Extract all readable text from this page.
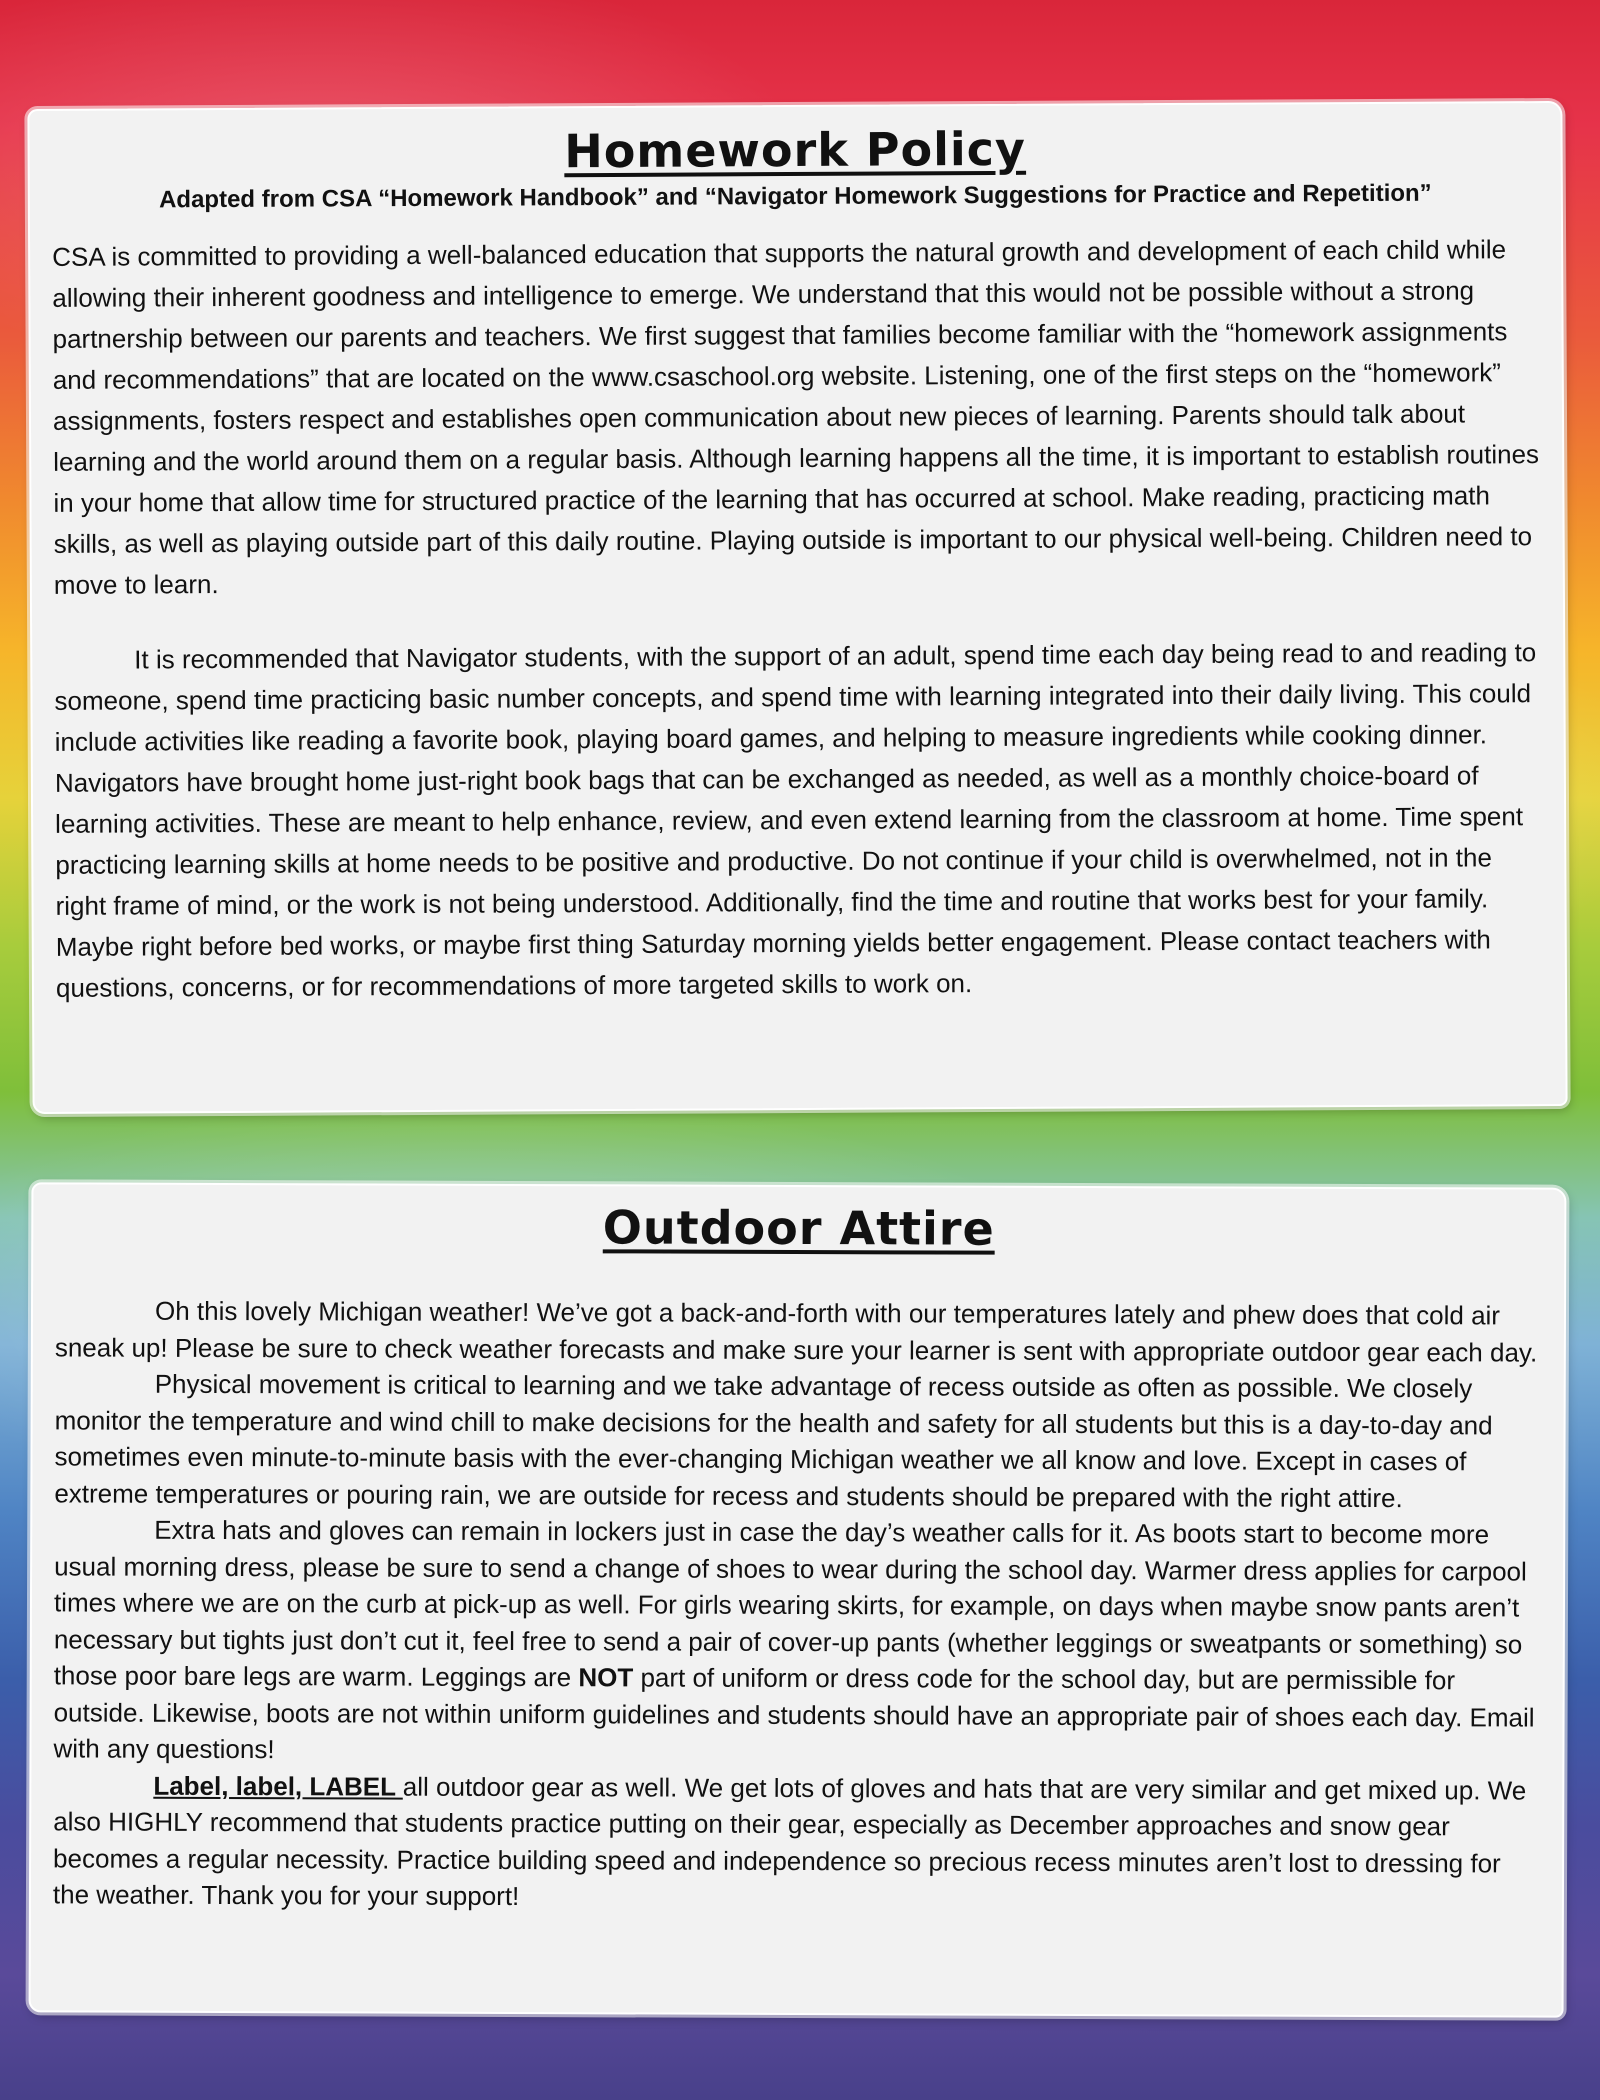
Homework Policy

Adapted from CSA “Homework Handbook” and “Navigator Homework Suggestions for Practice and Repetition”

CSA is committed to providing a well-balanced education that supports the natural growth and development of each child while allowing their inherent goodness and intelligence to emerge. We understand that this would not be possible without a strong partnership between our parents and teachers. We first suggest that families become familiar with the “homework assignments and recommendations” that are located on the www.csaschool.org website. Listening, one of the first steps on the “homework” assignments, fosters respect and establishes open communication about new pieces of learning. Parents should talk about learning and the world around them on a regular basis. Although learning happens all the time, it is important to establish routines in your home that allow time for structured practice of the learning that has occurred at school. Make reading, practicing math skills, as well as playing outside part of this daily routine. Playing outside is important to our physical well-being. Children need to move to learn.

It is recommended that Navigator students, with the support of an adult, spend time each day being read to and reading to someone, spend time practicing basic number concepts, and spend time with learning integrated into their daily living. This could include activities like reading a favorite book, playing board games, and helping to measure ingredients while cooking dinner. Navigators have brought home just-right book bags that can be exchanged as needed, as well as a monthly choice-board of learning activities. These are meant to help enhance, review, and even extend learning from the classroom at home. Time spent practicing learning skills at home needs to be positive and productive. Do not continue if your child is overwhelmed, not in the right frame of mind, or the work is not being understood. Additionally, find the time and routine that works best for your family. Maybe right before bed works, or maybe first thing Saturday morning yields better engagement. Please contact teachers with questions, concerns, or for recommendations of more targeted skills to work on.

Outdoor Attire

Oh this lovely Michigan weather! We’ve got a back-and-forth with our temperatures lately and phew does that cold air sneak up! Please be sure to check weather forecasts and make sure your learner is sent with appropriate outdoor gear each day.

Physical movement is critical to learning and we take advantage of recess outside as often as possible. We closely monitor the temperature and wind chill to make decisions for the health and safety for all students but this is a day-to-day and sometimes even minute-to-minute basis with the ever-changing Michigan weather we all know and love. Except in cases of extreme temperatures or pouring rain, we are outside for recess and students should be prepared with the right attire.

Extra hats and gloves can remain in lockers just in case the day’s weather calls for it. As boots start to become more usual morning dress, please be sure to send a change of shoes to wear during the school day. Warmer dress applies for carpool times where we are on the curb at pick-up as well. For girls wearing skirts, for example, on days when maybe snow pants aren’t necessary but tights just don’t cut it, feel free to send a pair of cover-up pants (whether leggings or sweatpants or something) so those poor bare legs are warm. Leggings are NOT part of uniform or dress code for the school day, but are permissible for outside. Likewise, boots are not within uniform guidelines and students should have an appropriate pair of shoes each day. Email with any questions!

Label, label, LABEL all outdoor gear as well. We get lots of gloves and hats that are very similar and get mixed up. We also HIGHLY recommend that students practice putting on their gear, especially as December approaches and snow gear becomes a regular necessity. Practice building speed and independence so precious recess minutes aren’t lost to dressing for the weather. Thank you for your support!
